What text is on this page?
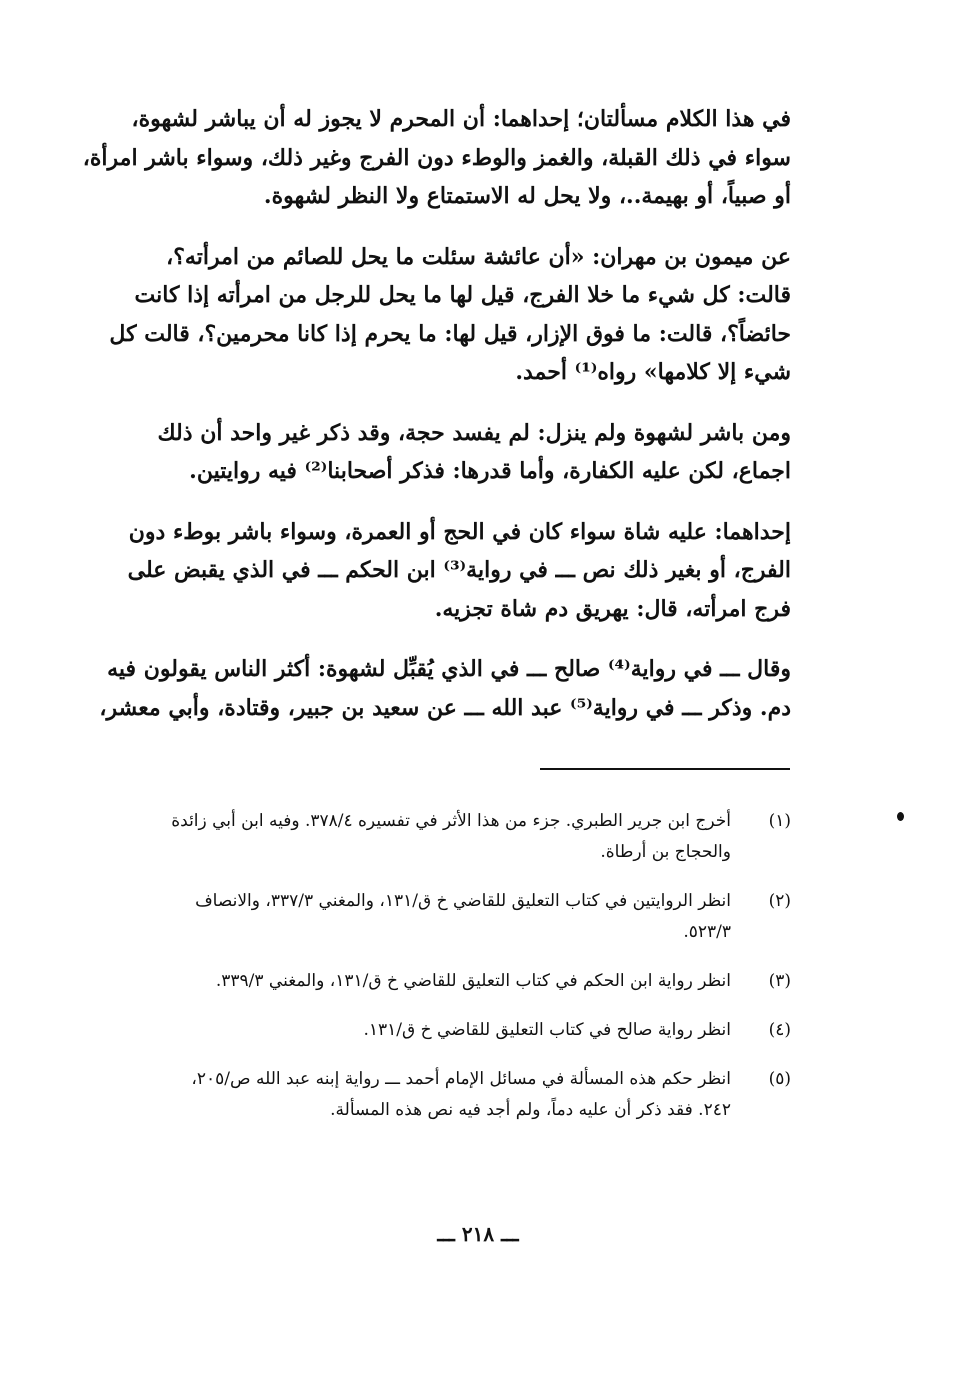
في هذا الكلام مسألتان؛ إحداهما: أن المحرم لا يجوز له أن يباشر لشهوة،
سواء في ذلك القبلة، والغمز والوطء دون الفرج وغير ذلك، وسواء باشر امرأة،
أو صبياً، أو بهيمة..، ولا يحل له الاستمتاع ولا النظر لشهوة.

عن ميمون بن مهران: «أن عائشة سئلت ما يحل للصائم من امرأته؟،
قالت: كل شيء ما خلا الفرج، قيل لها ما يحل للرجل من امرأته إذا كانت
حائضاً؟، قالت: ما فوق الإزار، قيل لها: ما يحرم إذا كانا محرمين؟، قالت كل
شيء إلا كلامها» رواه⁽¹⁾ أحمد.

ومن باشر لشهوة ولم ينزل: لم يفسد حجة، وقد ذكر غير واحد أن ذلك
اجماع، لكن عليه الكفارة، وأما قدرها: فذكر أصحابنا⁽²⁾ فيه روايتين.

إحداهما: عليه شاة سواء كان في الحج أو العمرة، وسواء باشر بوطء دون
الفرج، أو بغير ذلك نص ـــ في رواية⁽³⁾ ابن الحكم ـــ في الذي يقبض على
فرج امرأته، قال: يهريق دم شاة تجزيه.

وقال ـــ في رواية⁽⁴⁾ صالح ـــ في الذي يُقبِّل لشهوة: أكثر الناس يقولون فيه
دم. وذكر ـــ في رواية⁽⁵⁾ عبد الله ـــ عن سعيد بن جبير، وقتادة، وأبي معشر،

(١)
أخرج ابن جرير الطبري. جزء من هذا الأثر في تفسيره ٣٧٨/٤. وفيه ابن أبي زائدة
والحجاج بن أرطاة.
(٢)
انظر الروايتين في كتاب التعليق للقاضي خ ق/١٣١، والمغني ٣٣٧/٣، والانصاف
٥٢٣/٣.
(٣)
انظر رواية ابن الحكم في كتاب التعليق للقاضي خ ق/١٣١، والمغني ٣٣٩/٣.
(٤)
انظر رواية صالح في كتاب التعليق للقاضي خ ق/١٣١.
(٥)
انظر حكم هذه المسألة في مسائل الإمام أحمد ـــ رواية إبنه عبد الله ص/٢٠٥،
٢٤٢. فقد ذكر أن عليه دماً، ولم أجد فيه نص هذه المسألة.
ـــ ٢١٨ ـــ
